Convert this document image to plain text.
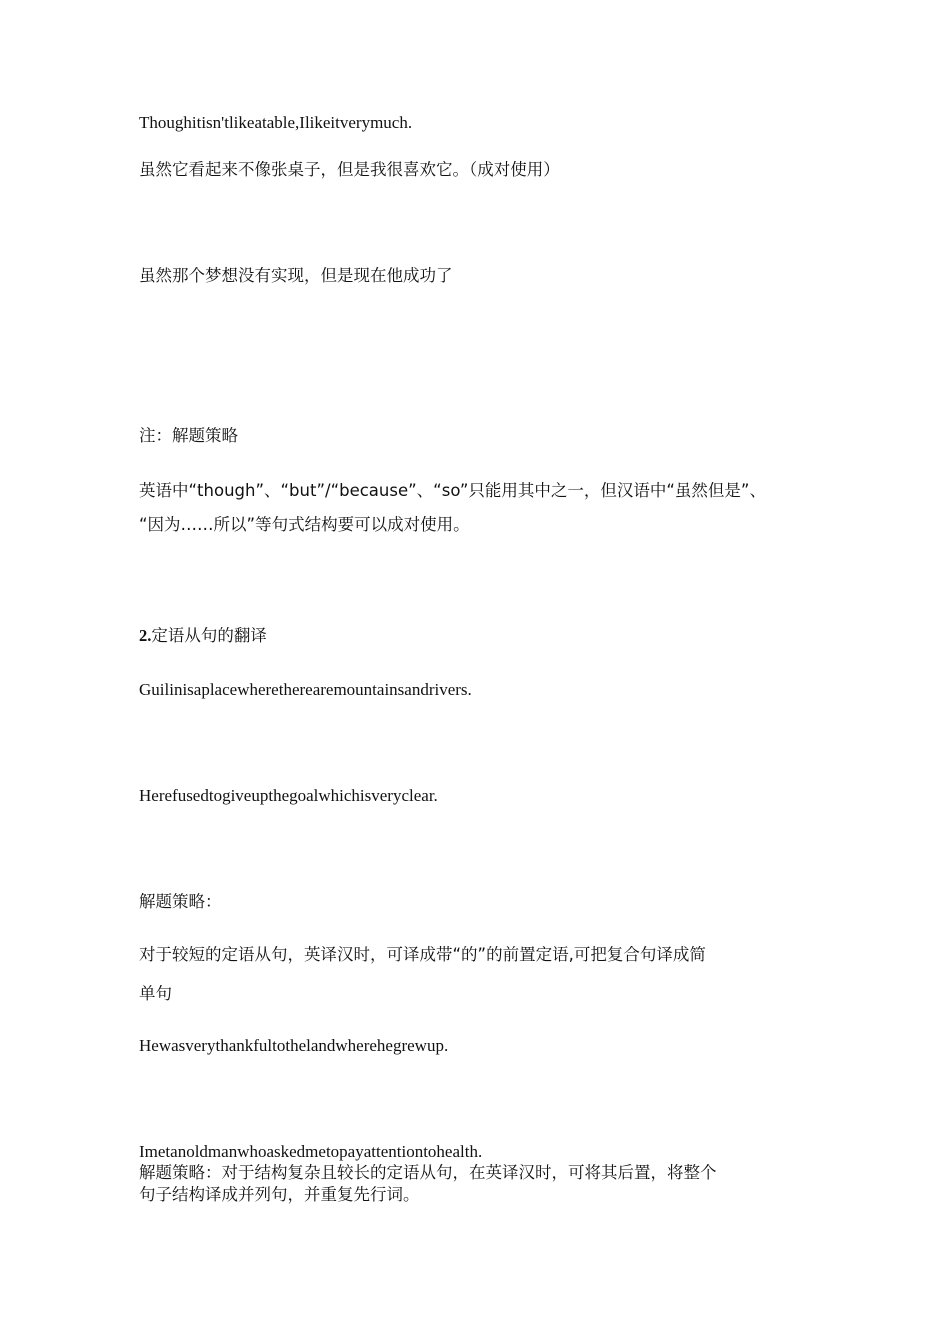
Thoughitisn'tlikeatable,Ilikeitverymuch.
虽然它看起来不像张桌子，但是我很喜欢它。（成对使用）
虽然那个梦想没有实现，但是现在他成功了
注：解题策略
英语中“though”、“but”/“because”、“so”只能用其中之一，但汉语中“虽然但是”、
“因为……所以”等句式结构要可以成对使用。
2.定语从句的翻译
Guilinisaplacewheretherearemountainsandrivers.
Herefusedtogiveupthegoalwhichisveryclear.
解题策略：
对于较短的定语从句，英译汉时，可译成带“的”的前置定语,可把复合句译成简
单句
Hewasverythankfultothelandwherehegrewup.
Imetanoldmanwhoaskedmetopayattentiontohealth.
解题策略：对于结构复杂且较长的定语从句，在英译汉时，可将其后置，将整个
句子结构译成并列句，并重复先行词。
